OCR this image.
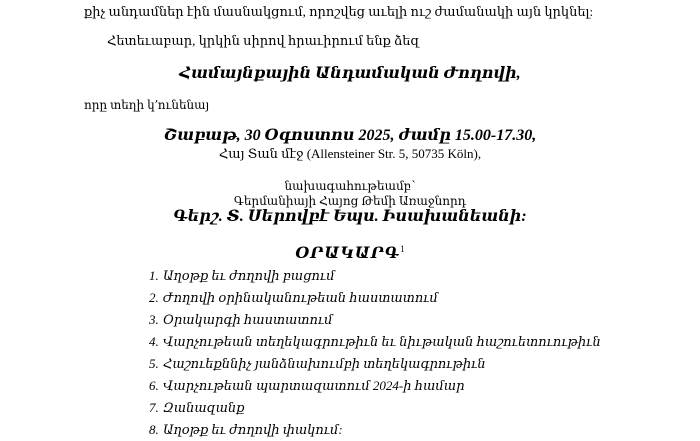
քիչ անդամներ էին մասնակցում, որոշվեց աւելի ուշ ժամանակի այն կրկնել:
Հետեւաբար, կրկին սիրով հրաւիրում ենք ձեզ
Համայնքային Անդամական Ժողովի,
որը տեղի կ՚ունենայ
Շաբաթ, 30 Օգոստոս 2025, ժամը 15.00-17.30,
Հայ Տան մէջ (Allensteiner Str. 5, 50735 Köln),
նախագահութեամբ՝
Գերմանիայի Հայոց Թեմի Առաջնորդ
Գերշ. Տ. Սերովբէ Եպս. Իսախանեանի:
ՕՐԱԿԱՐԳ$^1$
1. Աղօթք եւ ժողովի բացում
2. Ժողովի օրինականութեան հաստատում
3. Օրակարգի հաստատում
4. Վարչութեան տեղեկագրութիւն եւ նիւթական հաշուետուութիւն
5. Հաշուեքննիչ յանձնախումբի տեղեկագրութիւն
6. Վարչութեան պարտազատում 2024-ի համար
7. Զանազանք
8. Աղօթք եւ ժողովի փակում:
